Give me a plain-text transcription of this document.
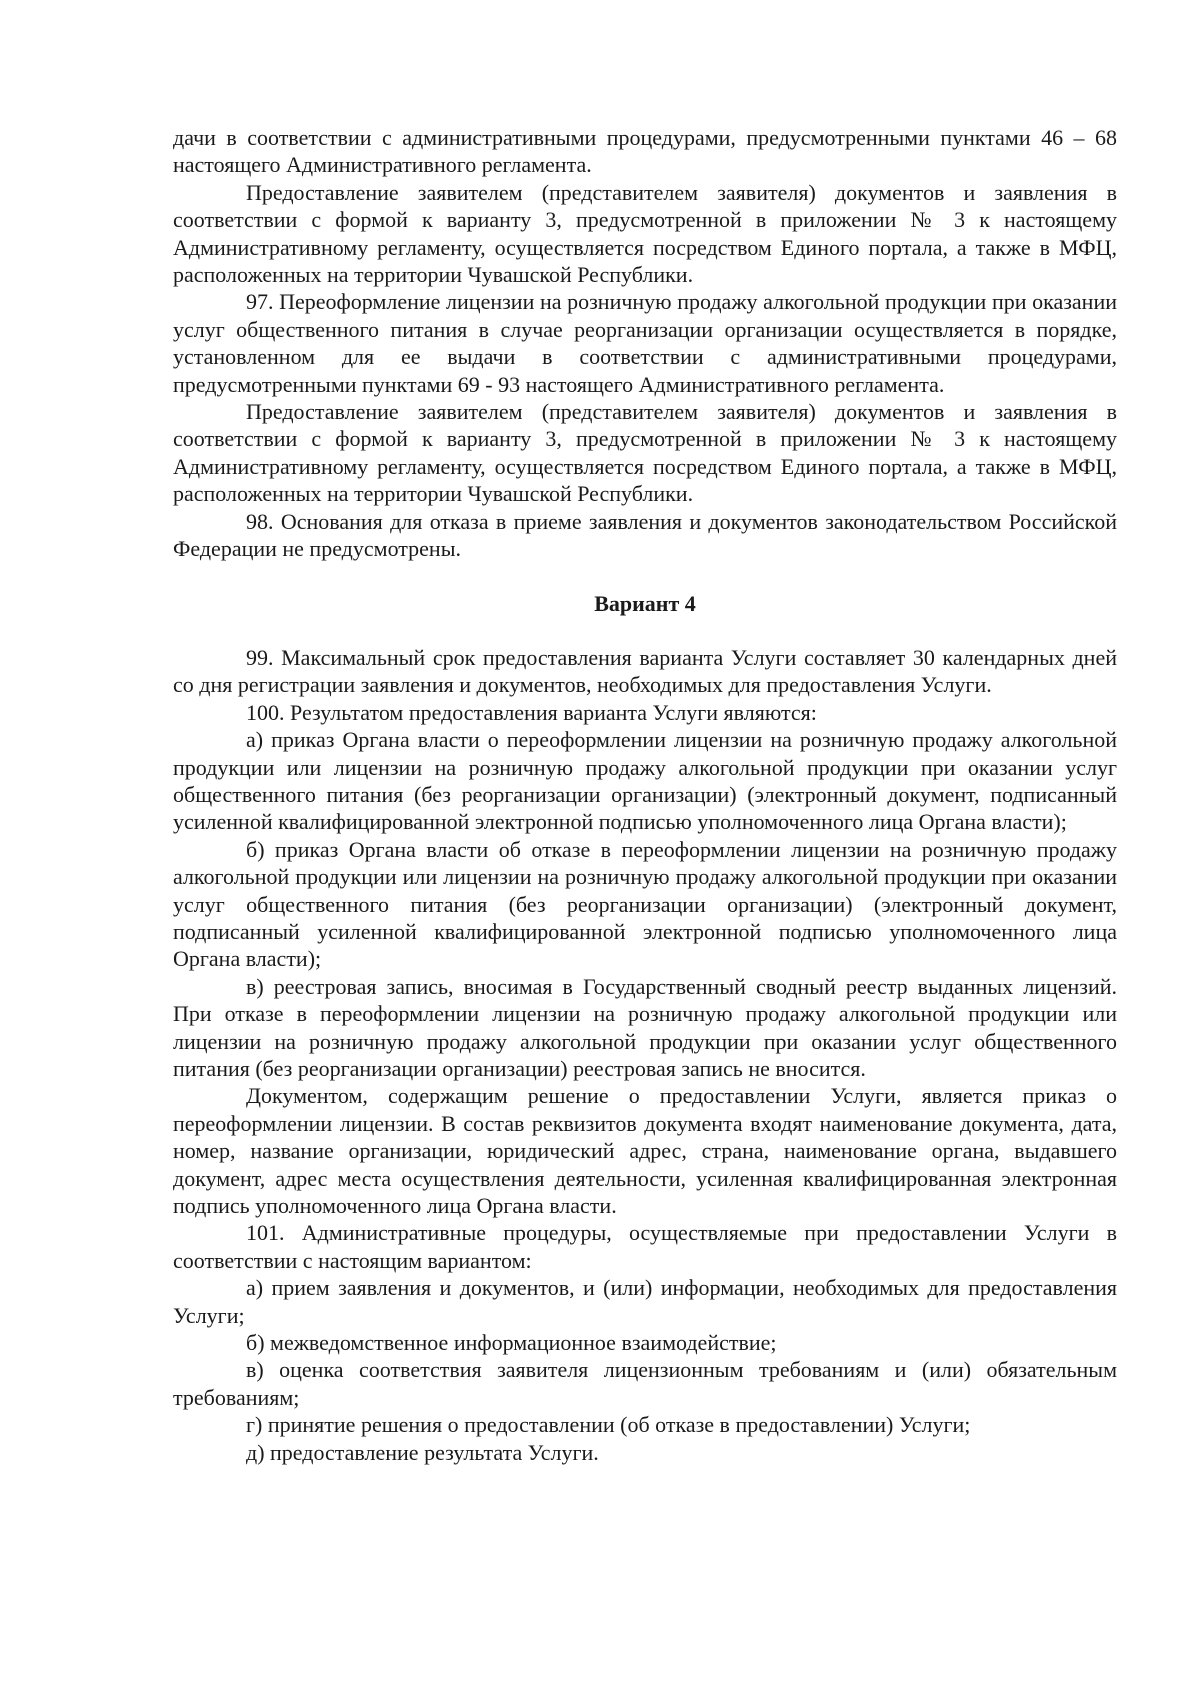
дачи в соответствии с административными процедурами, предусмотренными пунктами 46 – 68 настоящего Административного регламента.

Предоставление заявителем (представителем заявителя) документов и заявления в соответствии с формой к варианту 3, предусмотренной в приложении № 3 к настоящему Административному регламенту, осуществляется посредством Единого портала, а также в МФЦ, расположенных на территории Чувашской Республики.

97. Переоформление лицензии на розничную продажу алкогольной продукции при оказании услуг общественного питания в случае реорганизации организации осуществляется в порядке, установленном для ее выдачи в соответствии с административными процедурами, предусмотренными пунктами 69 - 93 настоящего Административного регламента.

Предоставление заявителем (представителем заявителя) документов и заявления в соответствии с формой к варианту 3, предусмотренной в приложении № 3 к настоящему Административному регламенту, осуществляется посредством Единого портала, а также в МФЦ, расположенных на территории Чувашской Республики.

98. Основания для отказа в приеме заявления и документов законодательством Российской Федерации не предусмотрены.

Вариант 4

99. Максимальный срок предоставления варианта Услуги составляет 30 календарных дней со дня регистрации заявления и документов, необходимых для предоставления Услуги.

100. Результатом предоставления варианта Услуги являются:

а) приказ Органа власти о переоформлении лицензии на розничную продажу алкогольной продукции или лицензии на розничную продажу алкогольной продукции при оказании услуг общественного питания (без реорганизации организации) (электронный документ, подписанный усиленной квалифицированной электронной подписью уполномоченного лица Органа власти);

б) приказ Органа власти об отказе в переоформлении лицензии на розничную продажу алкогольной продукции или лицензии на розничную продажу алкогольной продукции при оказании услуг общественного питания (без реорганизации организации) (электронный документ, подписанный усиленной квалифицированной электронной подписью уполномоченного лица Органа власти);

в) реестровая запись, вносимая в Государственный сводный реестр выданных лицензий. При отказе в переоформлении лицензии на розничную продажу алкогольной продукции или лицензии на розничную продажу алкогольной продукции при оказании услуг общественного питания (без реорганизации организации) реестровая запись не вносится.

Документом, содержащим решение о предоставлении Услуги, является приказ о переоформлении лицензии. В состав реквизитов документа входят наименование документа, дата, номер, название организации, юридический адрес, страна, наименование органа, выдавшего документ, адрес места осуществления деятельности, усиленная квалифицированная электронная подпись уполномоченного лица Органа власти.

101. Административные процедуры, осуществляемые при предоставлении Услуги в соответствии с настоящим вариантом:

а) прием заявления и документов, и (или) информации, необходимых для предоставления Услуги;

б) межведомственное информационное взаимодействие;

в) оценка соответствия заявителя лицензионным требованиям и (или) обязательным требованиям;

г) принятие решения о предоставлении (об отказе в предоставлении) Услуги;

д) предоставление результата Услуги.
